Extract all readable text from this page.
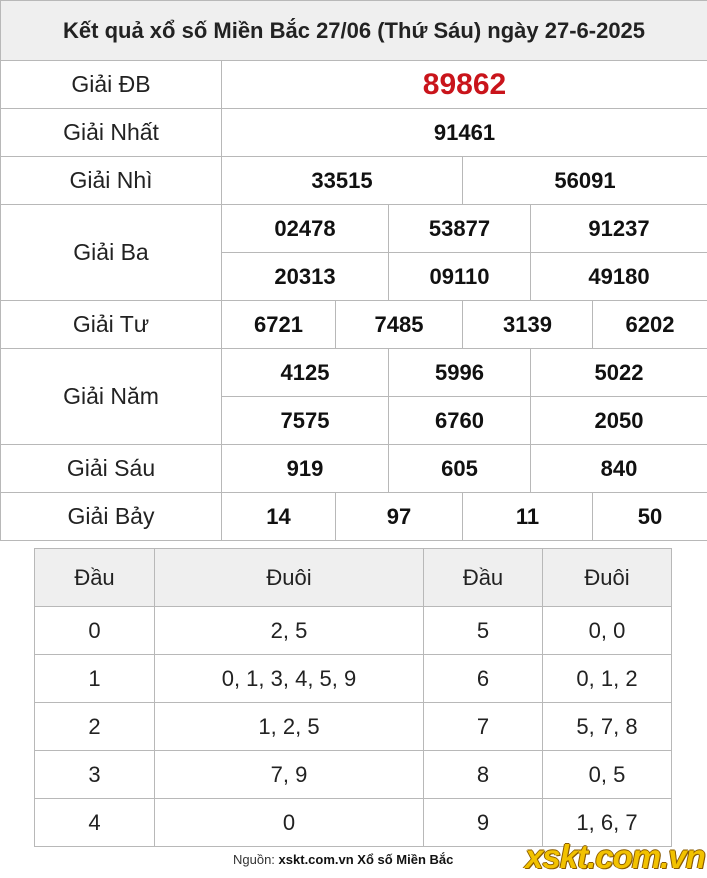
Kết quả xổ số Miền Bắc 27/06 (Thứ Sáu) ngày 27-6-2025						
Giải ĐB	89862					
Giải Nhất	91461					
Giải Nhì	33515			56091		
Giải Ba	02478		53877		91237	
	20313		09110		49180	
Giải Tư	6721	7485		3139		6202
Giải Năm	4125		5996		5022	
	7575		6760		2050	
Giải Sáu	919		605		840	
Giải Bảy	14	97		11		50
Đầu	Đuôi	Đầu	Đuôi
0	2, 5	5	0, 0
1	0, 1, 3, 4, 5, 9	6	0, 1, 2
2	1, 2, 5	7	5, 7, 8
3	7, 9	8	0, 5
4	0	9	1, 6, 7
Nguồn: xskt.com.vn Xổ số Miền Bắc xskt.com.vn
